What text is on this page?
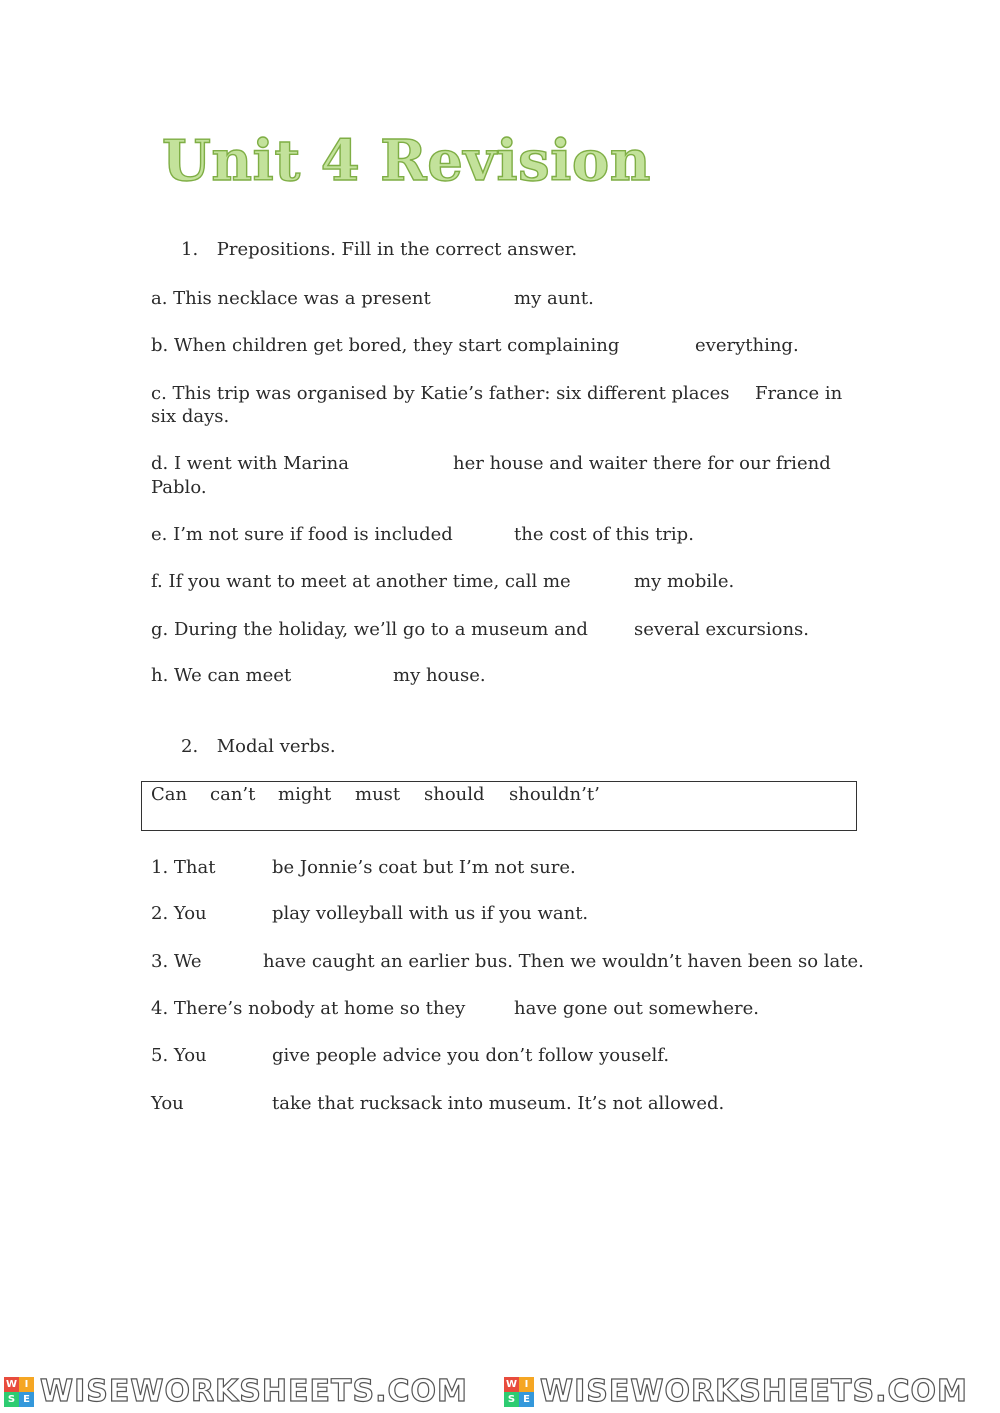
Unit 4 Revision
1. Prepositions. Fill in the correct answer.
a. This necklace was a present	my aunt.
b. When children get bored, they start complaining	everything.
c. This trip was organised by Katie’s father: six different places France in
six days.
d. I went with Marina	her house and waiter there for our friend
Pablo.
e. I’m not sure if food is included	the cost of this trip.
f. If you want to meet at another time, call me	my mobile.
g. During the holiday, we’ll go to a museum and	several excursions.
h. We can meet	my house.
2. Modal verbs.
Can can’t might must should shouldn’t’
1. That	be Jonnie’s coat but I’m not sure.
2. You	play volleyball with us if you want.
3. We	have caught an earlier bus. Then we wouldn’t haven been so late.
4. There’s nobody at home so they	have gone out somewhere.
5. You	give people advice you don’t follow youself.
You	take that rucksack into museum. It’s not allowed.
W I
S E WISEWORKSHEETS.COM	W I
S E WISEWORKSHEETS.COM
